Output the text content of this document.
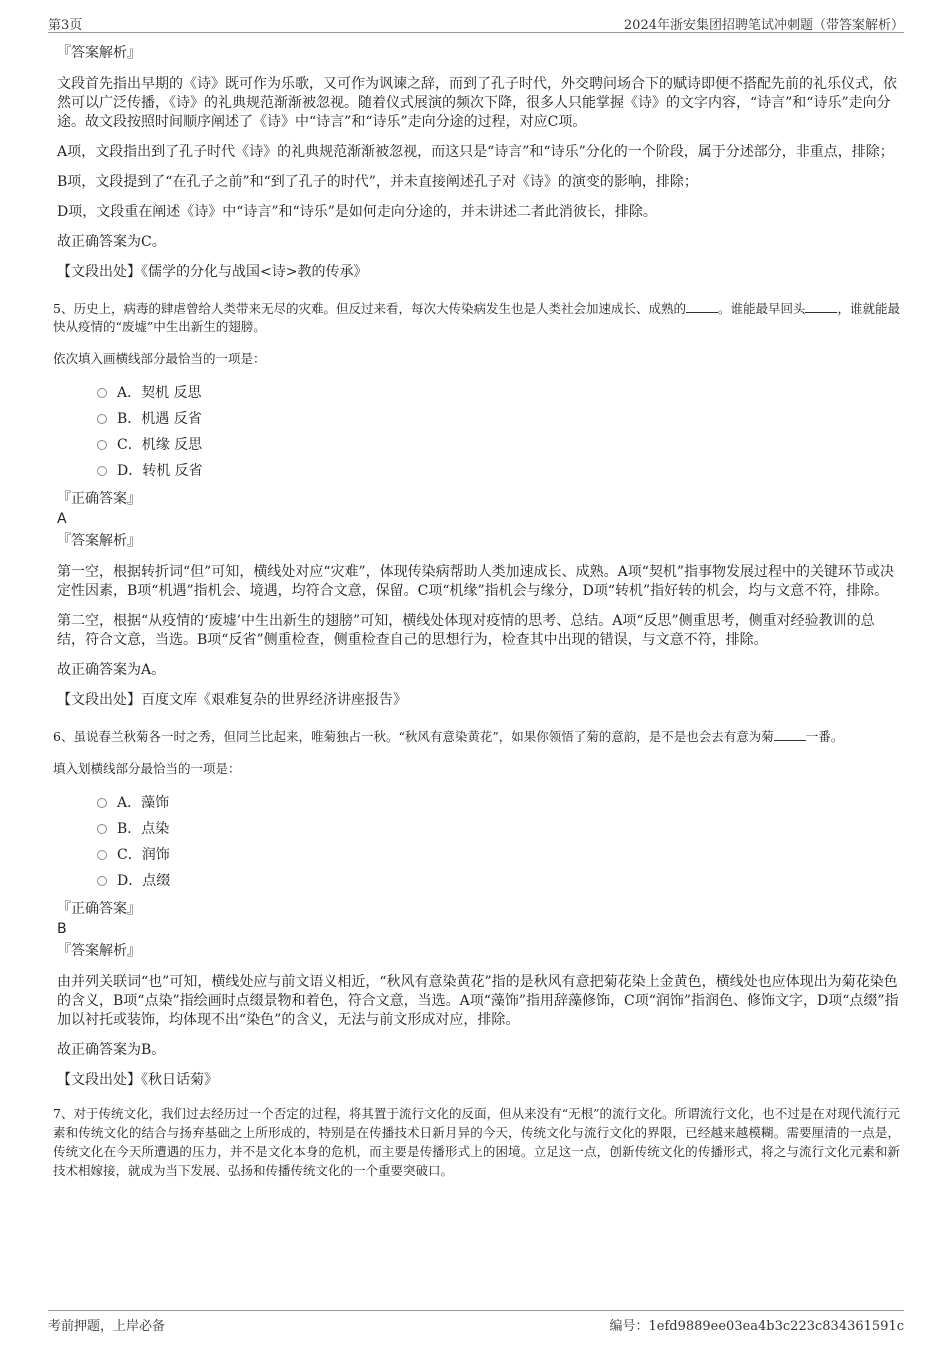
第3页	2024年浙安集团招聘笔试冲刺题（带答案解析）

『答案解析』

文段首先指出早期的《诗》既可作为乐歌，又可作为讽谏之辞，而到了孔子时代，外交聘问场合下的赋诗即便不搭配先前的礼乐仪式，依然可以广泛传播，《诗》的礼典规范渐渐被忽视。随着仪式展演的频次下降，很多人只能掌握《诗》的文字内容，“诗言”和“诗乐”走向分途。故文段按照时间顺序阐述了《诗》中“诗言”和“诗乐”走向分途的过程，对应C项。

A项，文段指出到了孔子时代《诗》的礼典规范渐渐被忽视，而这只是“诗言”和“诗乐”分化的一个阶段，属于分述部分，非重点，排除；

B项，文段提到了“在孔子之前”和“到了孔子的时代”，并未直接阐述孔子对《诗》的演变的影响，排除；

D项，文段重在阐述《诗》中“诗言”和“诗乐”是如何走向分途的，并未讲述二者此消彼长，排除。

故正确答案为C。

【文段出处】《儒学的分化与战国<诗>教的传承》

5、历史上，病毒的肆虐曾给人类带来无尽的灾难。但反过来看，每次大传染病发生也是人类社会加速成长、成熟的	。谁能最早回头	，谁就能最快从疫情的“废墟”中生出新生的翅膀。

依次填入画横线部分最恰当的一项是：

A．契机 反思
B．机遇 反省
C．机缘 反思
D．转机 反省

『正确答案』

A

『答案解析』

第一空，根据转折词“但”可知，横线处对应“灾难”，体现传染病帮助人类加速成长、成熟。A项“契机”指事物发展过程中的关键环节或决定性因素，B项“机遇”指机会、境遇，均符合文意，保留。C项“机缘”指机会与缘分，D项“转机”指好转的机会，均与文意不符，排除。

第二空，根据“从疫情的‘废墟’中生出新生的翅膀”可知，横线处体现对疫情的思考、总结。A项“反思”侧重思考，侧重对经验教训的总结，符合文意，当选。B项“反省”侧重检查，侧重检查自己的思想行为，检查其中出现的错误，与文意不符，排除。

故正确答案为A。

【文段出处】百度文库《艰难复杂的世界经济讲座报告》

6、虽说春兰秋菊各一时之秀，但同兰比起来，唯菊独占一秋。“秋风有意染黄花”，如果你领悟了菊的意韵，是不是也会去有意为菊	一番。

填入划横线部分最恰当的一项是：

A．藻饰
B．点染
C．润饰
D．点缀

『正确答案』

B

『答案解析』

由并列关联词“也”可知，横线处应与前文语义相近，“秋风有意染黄花”指的是秋风有意把菊花染上金黄色，横线处也应体现出为菊花染色的含义，B项“点染”指绘画时点缀景物和着色，符合文意，当选。A项“藻饰”指用辞藻修饰，C项“润饰”指润色、修饰文字，D项“点缀”指加以衬托或装饰，均体现不出“染色”的含义，无法与前文形成对应，排除。

故正确答案为B。

【文段出处】《秋日话菊》

7、对于传统文化，我们过去经历过一个否定的过程，将其置于流行文化的反面，但从来没有“无根”的流行文化。所谓流行文化，也不过是在对现代流行元素和传统文化的结合与扬弃基础之上所形成的，特别是在传播技术日新月异的今天，传统文化与流行文化的界限，已经越来越模糊。需要厘清的一点是，传统文化在今天所遭遇的压力，并不是文化本身的危机，而主要是传播形式上的困境。立足这一点，创新传统文化的传播形式，将之与流行文化元素和新技术相嫁接，就成为当下发展、弘扬和传播传统文化的一个重要突破口。

考前押题，上岸必备	编号：1efd9889ee03ea4b3c223c834361591c
